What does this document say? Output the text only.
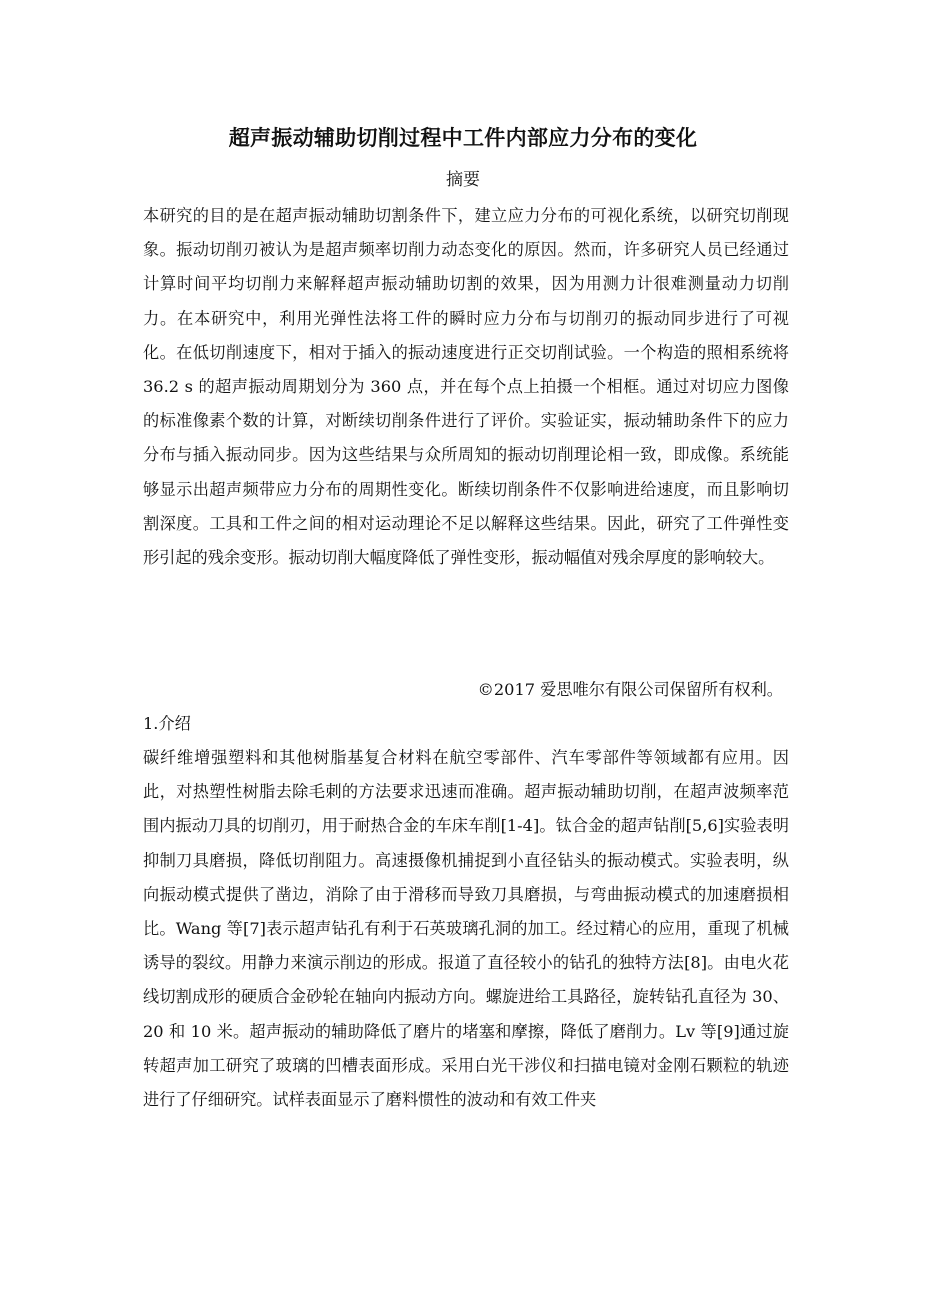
超声振动辅助切削过程中工件内部应力分布的变化
摘要

本研究的目的是在超声振动辅助切割条件下，建立应力分布的可视化系统，以研究切削现象。振动切削刃被认为是超声频率切削力动态变化的原因。然而，许多研究人员已经通过计算时间平均切削力来解释超声振动辅助切割的效果，因为用测力计很难测量动力切削力。在本研究中，利用光弹性法将工件的瞬时应力分布与切削刃的振动同步进行了可视化。在低切削速度下，相对于插入的振动速度进行正交切削试验。一个构造的照相系统将 36.2 s 的超声振动周期划分为 360 点，并在每个点上拍摄一个相框。通过对切应力图像的标准像素个数的计算，对断续切削条件进行了评价。实验证实，振动辅助条件下的应力分布与插入振动同步。因为这些结果与众所周知的振动切削理论相一致，即成像。系统能够显示出超声频带应力分布的周期性变化。断续切削条件不仅影响进给速度，而且影响切割深度。工具和工件之间的相对运动理论不足以解释这些结果。因此，研究了工件弹性变形引起的残余变形。振动切削大幅度降低了弹性变形，振动幅值对残余厚度的影响较大。

©2017 爱思唯尔有限公司保留所有权利。
1.介绍

碳纤维增强塑料和其他树脂基复合材料在航空零部件、汽车零部件等领域都有应用。因此，对热塑性树脂去除毛刺的方法要求迅速而准确。超声振动辅助切削，在超声波频率范围内振动刀具的切削刃，用于耐热合金的车床车削[1-4]。钛合金的超声钻削[5,6]实验表明抑制刀具磨损，降低切削阻力。高速摄像机捕捉到小直径钻头的振动模式。实验表明，纵向振动模式提供了凿边，消除了由于滑移而导致刀具磨损，与弯曲振动模式的加速磨损相比。Wang 等[7]表示超声钻孔有利于石英玻璃孔洞的加工。经过精心的应用，重现了机械诱导的裂纹。用静力来演示削边的形成。报道了直径较小的钻孔的独特方法[8]。由电火花线切割成形的硬质合金砂轮在轴向内振动方向。螺旋进给工具路径，旋转钻孔直径为 30、20 和 10 米。超声振动的辅助降低了磨片的堵塞和摩擦，降低了磨削力。Lv 等[9]通过旋转超声加工研究了玻璃的凹槽表面形成。采用白光干涉仪和扫描电镜对金刚石颗粒的轨迹进行了仔细研究。试样表面显示了磨料惯性的波动和有效工件夹
